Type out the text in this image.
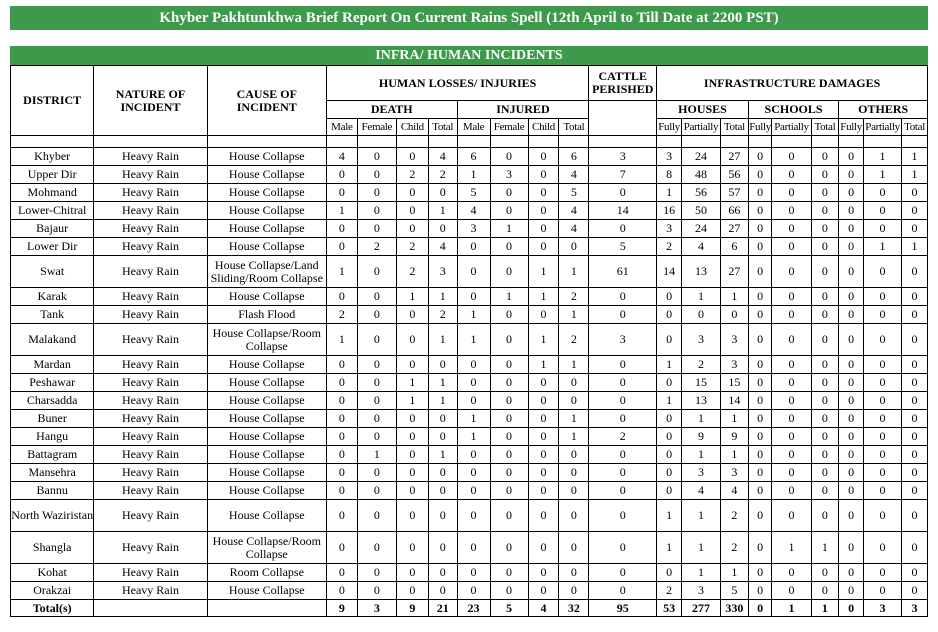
Khyber Pakhtunkhwa Brief Report On Current Rains Spell (12th April to Till Date at 2200 PST)
INFRA/ HUMAN INCIDENTS
DISTRICT	NATURE OF INCIDENT	CAUSE OF INCIDENT	HUMAN LOSSES/ INJURIES								CATTLE PERISHED	INFRASTRUCTURE DAMAGES								
			DEATH				INJURED					HOUSES			SCHOOLS			OTHERS		
			Male	Female	Child	Total	Male	Female	Child	Total		Fully	Partially	Total	Fully	Partially	Total	Fully	Partially	Total

Khyber	Heavy Rain	House Collapse	4	0	0	4	6	0	0	6	3	3	24	27	0	0	0	0	1	1
Upper Dir	Heavy Rain	House Collapse	0	0	2	2	1	3	0	4	7	8	48	56	0	0	0	0	1	1
Mohmand	Heavy Rain	House Collapse	0	0	0	0	5	0	0	5	0	1	56	57	0	0	0	0	0	0
Lower-Chitral	Heavy Rain	House Collapse	1	0	0	1	4	0	0	4	14	16	50	66	0	0	0	0	0	0
Bajaur	Heavy Rain	House Collapse	0	0	0	0	3	1	0	4	0	3	24	27	0	0	0	0	0	0
Lower Dir	Heavy Rain	House Collapse	0	2	2	4	0	0	0	0	5	2	4	6	0	0	0	0	1	1
Swat	Heavy Rain	House Collapse/Land Sliding/Room Collapse	1	0	2	3	0	0	1	1	61	14	13	27	0	0	0	0	0	0
Karak	Heavy Rain	House Collapse	0	0	1	1	0	1	1	2	0	0	1	1	0	0	0	0	0	0
Tank	Heavy Rain	Flash Flood	2	0	0	2	1	0	0	1	0	0	0	0	0	0	0	0	0	0
Malakand	Heavy Rain	House Collapse/Room Collapse	1	0	0	1	1	0	1	2	3	0	3	3	0	0	0	0	0	0
Mardan	Heavy Rain	House Collapse	0	0	0	0	0	0	1	1	0	1	2	3	0	0	0	0	0	0
Peshawar	Heavy Rain	House Collapse	0	0	1	1	0	0	0	0	0	0	15	15	0	0	0	0	0	0
Charsadda	Heavy Rain	House Collapse	0	0	1	1	0	0	0	0	0	1	13	14	0	0	0	0	0	0
Buner	Heavy Rain	House Collapse	0	0	0	0	1	0	0	1	0	0	1	1	0	0	0	0	0	0
Hangu	Heavy Rain	House Collapse	0	0	0	0	1	0	0	1	2	0	9	9	0	0	0	0	0	0
Battagram	Heavy Rain	House Collapse	0	1	0	1	0	0	0	0	0	0	1	1	0	0	0	0	0	0
Mansehra	Heavy Rain	House Collapse	0	0	0	0	0	0	0	0	0	0	3	3	0	0	0	0	0	0
Bannu	Heavy Rain	House Collapse	0	0	0	0	0	0	0	0	0	0	4	4	0	0	0	0	0	0
North Waziristan	Heavy Rain	House Collapse	0	0	0	0	0	0	0	0	0	1	1	2	0	0	0	0	0	0
Shangla	Heavy Rain	House Collapse/Room Collapse	0	0	0	0	0	0	0	0	0	1	1	2	0	1	1	0	0	0
Kohat	Heavy Rain	Room Collapse	0	0	0	0	0	0	0	0	0	0	1	1	0	0	0	0	0	0
Orakzai	Heavy Rain	House Collapse	0	0	0	0	0	0	0	0	0	2	3	5	0	0	0	0	0	0
Total(s)			9	3	9	21	23	5	4	32	95	53	277	330	0	1	1	0	3	3
